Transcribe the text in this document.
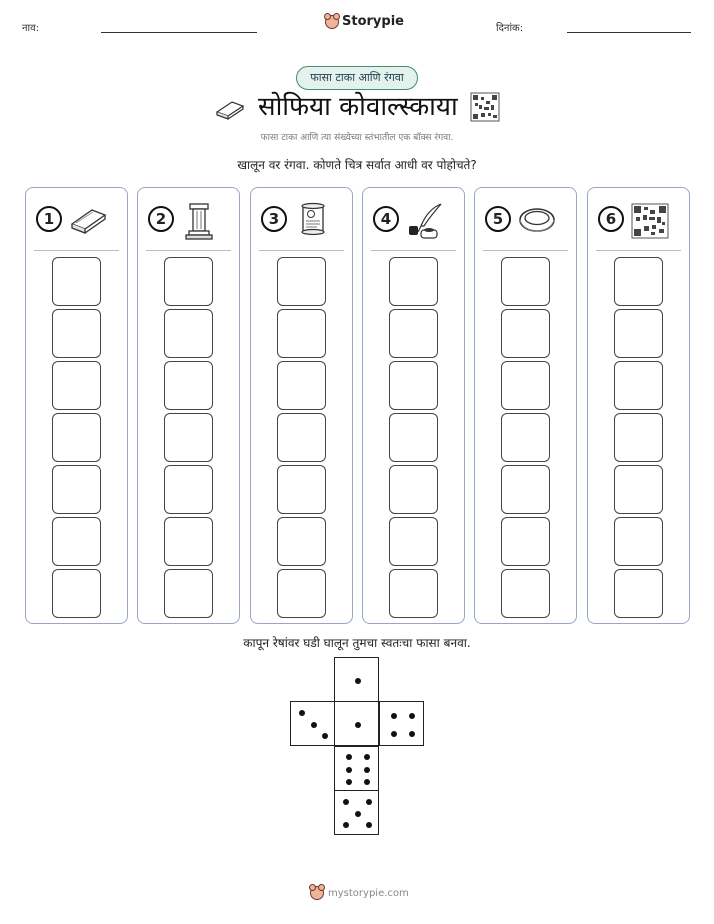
नाव:	Storypie	दिनांक:
फासा टाका आणि रंगवा
सोफिया कोवाल्स्काया
फासा टाका आणि त्या संख्येच्या स्तंभातील एक बॉक्स रंगवा.
खालून वर रंगवा. कोणते चित्र सर्वात आधी वर पोहोचते?
1	2	3	4	5	6
कापून रेषांवर घडी घालून तुमचा स्वतःचा फासा बनवा.
mystorypie.com
